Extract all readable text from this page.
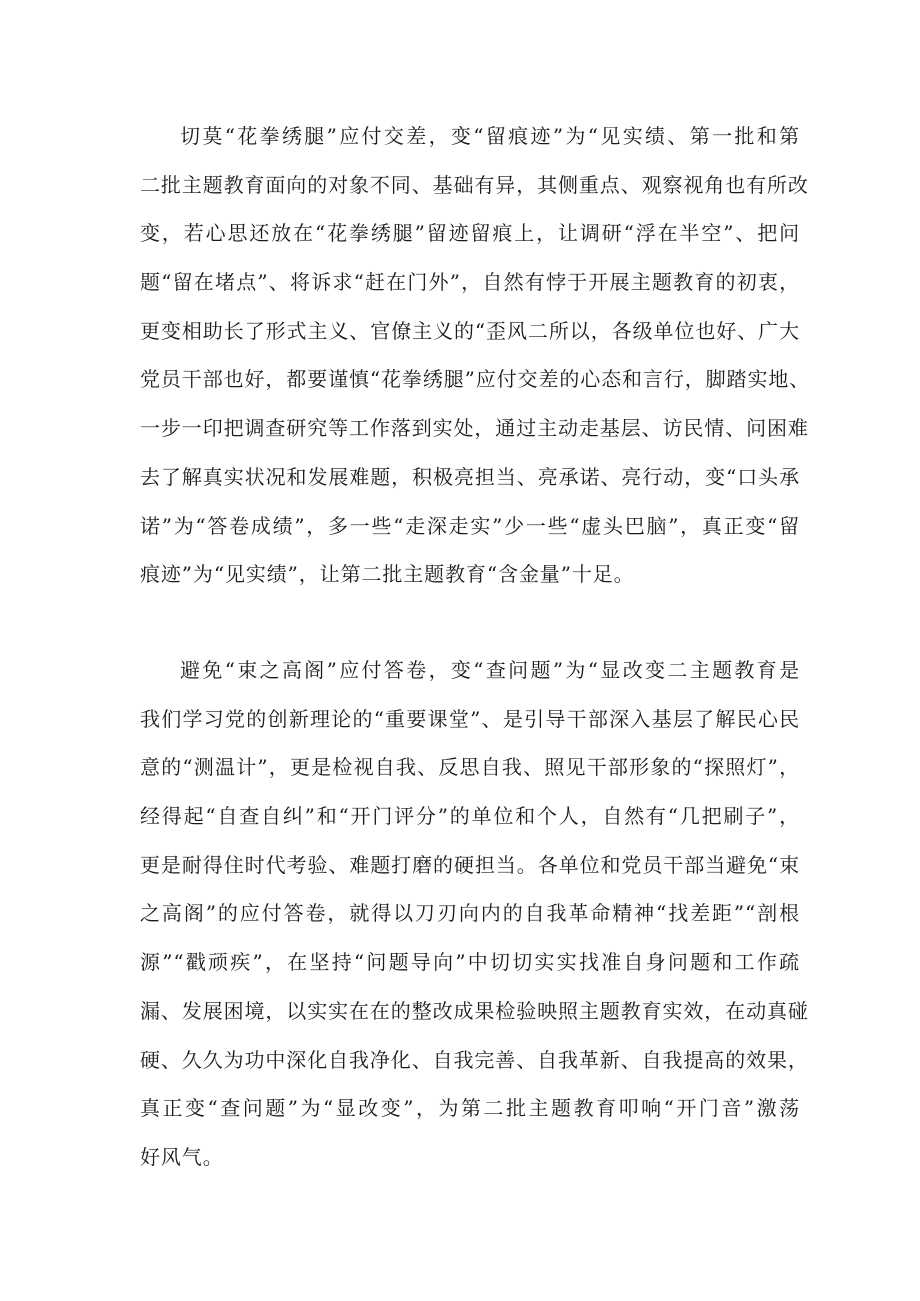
切莫“花拳绣腿”应付交差，变“留痕迹”为“见实绩、第一批和第
二批主题教育面向的对象不同、基础有异，其侧重点、观察视角也有所改
变，若心思还放在“花拳绣腿”留迹留痕上，让调研“浮在半空”、把问
题“留在堵点”、将诉求“赶在门外”，自然有悖于开展主题教育的初衷，
更变相助长了形式主义、官僚主义的“歪风二所以，各级单位也好、广大
党员干部也好，都要谨慎“花拳绣腿”应付交差的心态和言行，脚踏实地、
一步一印把调查研究等工作落到实处，通过主动走基层、访民情、问困难
去了解真实状况和发展难题，积极亮担当、亮承诺、亮行动，变“口头承
诺”为“答卷成绩”，多一些“走深走实”少一些“虚头巴脑”，真正变“留
痕迹”为“见实绩”，让第二批主题教育“含金量”十足。
避免“束之高阁”应付答卷，变“查问题”为“显改变二主题教育是
我们学习党的创新理论的“重要课堂”、是引导干部深入基层了解民心民
意的“测温计”，更是检视自我、反思自我、照见干部形象的“探照灯”，
经得起“自查自纠”和“开门评分”的单位和个人，自然有“几把刷子”，
更是耐得住时代考验、难题打磨的硬担当。各单位和党员干部当避免“束
之高阁”的应付答卷，就得以刀刃向内的自我革命精神“找差距”“剖根
源”“戳顽疾”，在坚持“问题导向”中切切实实找准自身问题和工作疏
漏、发展困境，以实实在在的整改成果检验映照主题教育实效，在动真碰
硬、久久为功中深化自我净化、自我完善、自我革新、自我提高的效果，
真正变“查问题”为“显改变”，为第二批主题教育叩响“开门音”激荡
好风气。
